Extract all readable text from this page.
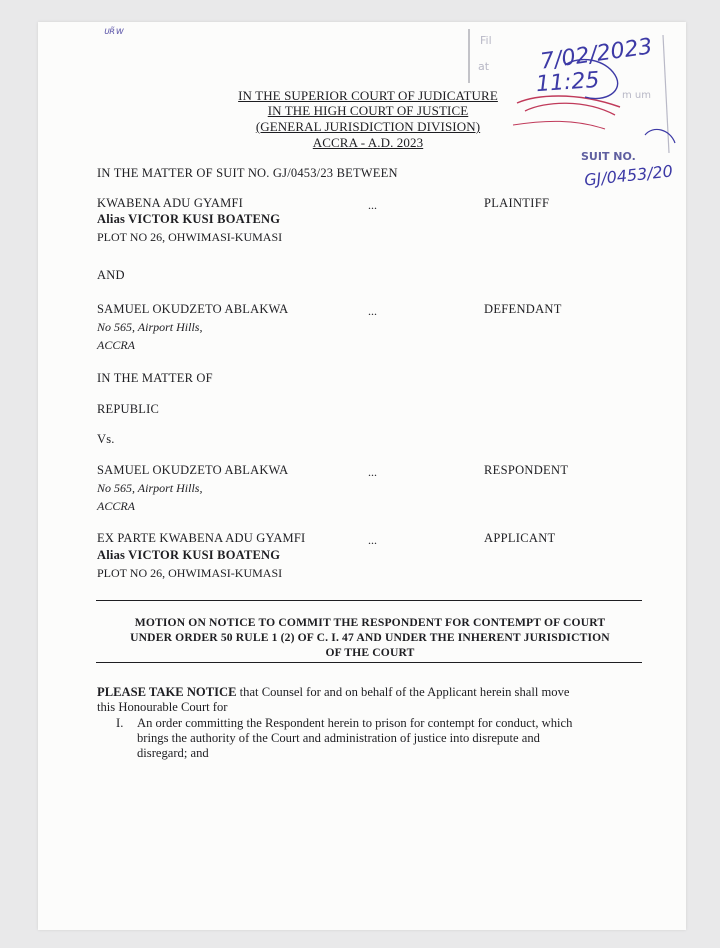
ᴜʀ̃ᴡ
Fil
at 7/02/2023
11:25 m um
SUIT NO.
GJ/0453/20
IN THE SUPERIOR COURT OF JUDICATURE
IN THE HIGH COURT OF JUSTICE
(GENERAL JURISDICTION DIVISION)
ACCRA - A.D. 2023
IN THE MATTER OF SUIT NO. GJ/0453/23 BETWEEN
KWABENA ADU GYAMFI
Alias VICTOR KUSI BOATENG
PLOT NO 26, OHWIMASI-KUMASI
...	PLAINTIFF
AND
SAMUEL OKUDZETO ABLAKWA
No 565, Airport Hills,
ACCRA
...	DEFENDANT
IN THE MATTER OF
REPUBLIC
Vs.
SAMUEL OKUDZETO ABLAKWA
No 565, Airport Hills,
ACCRA
...	RESPONDENT
EX PARTE KWABENA ADU GYAMFI
Alias VICTOR KUSI BOATENG
PLOT NO 26, OHWIMASI-KUMASI
...	APPLICANT
MOTION ON NOTICE TO COMMIT THE RESPONDENT FOR CONTEMPT OF COURT
UNDER ORDER 50 RULE 1 (2) OF C. I. 47 AND UNDER THE INHERENT JURISDICTION
OF THE COURT
PLEASE TAKE NOTICE that Counsel for and on behalf of the Applicant herein shall move
this Honourable Court for
I. An order committing the Respondent herein to prison for contempt for conduct, which
brings the authority of the Court and administration of justice into disrepute and
disregard; and
